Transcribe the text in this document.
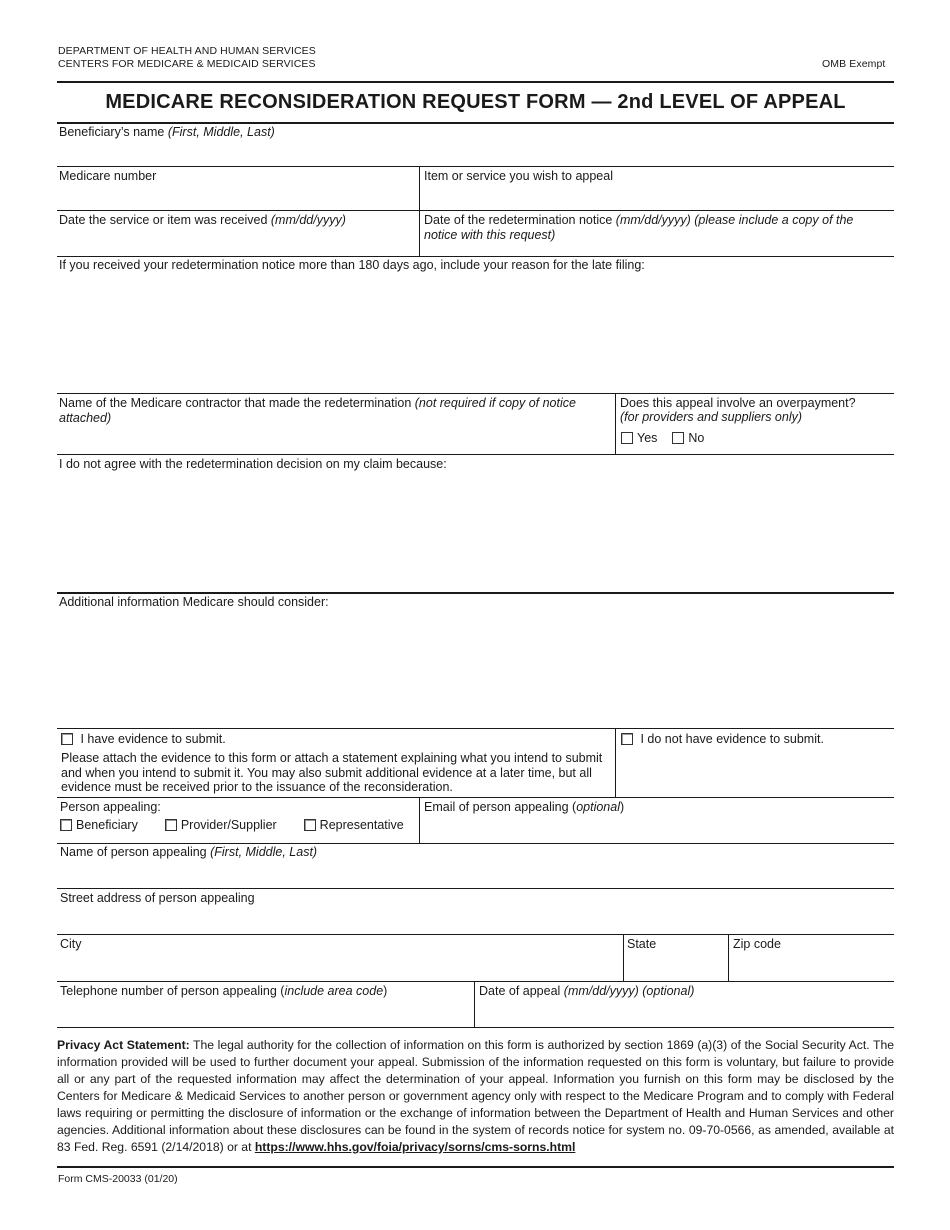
DEPARTMENT OF HEALTH AND HUMAN SERVICES
CENTERS FOR MEDICARE & MEDICAID SERVICES	OMB Exempt
MEDICARE RECONSIDERATION REQUEST FORM — 2nd LEVEL OF APPEAL
Beneficiary’s name (First, Middle, Last)
Medicare number	Item or service you wish to appeal
Date the service or item was received (mm/dd/yyyy)	Date of the redetermination notice (mm/dd/yyyy) (please include a copy of the notice with this request)
If you received your redetermination notice more than 180 days ago, include your reason for the late filing:
Name of the Medicare contractor that made the redetermination (not required if copy of notice attached)
Does this appeal involve an overpayment?
(for providers and suppliers only)
Yes No
I do not agree with the redetermination decision on my claim because:
Additional information Medicare should consider:
I have evidence to submit.
Please attach the evidence to this form or attach a statement explaining what you intend to submit and when you intend to submit it. You may also submit additional evidence at a later time, but all evidence must be received prior to the issuance of the reconsideration.
I do not have evidence to submit.
Person appealing:
Beneficiary	Provider/Supplier	Representative
Email of person appealing (optional)
Name of person appealing (First, Middle, Last)
Street address of person appealing
City	State	Zip code
Telephone number of person appealing (include area code)	Date of appeal (mm/dd/yyyy) (optional)
Privacy Act Statement: The legal authority for the collection of information on this form is authorized by section 1869 (a)(3) of the Social Security Act. The information provided will be used to further document your appeal. Submission of the information requested on this form is voluntary, but failure to provide all or any part of the requested information may affect the determination of your appeal. Information you furnish on this form may be disclosed by the Centers for Medicare & Medicaid Services to another person or government agency only with respect to the Medicare Program and to comply with Federal laws requiring or permitting the disclosure of information or the exchange of information between the Department of Health and Human Services and other agencies. Additional information about these disclosures can be found in the system of records notice for system no. 09-70-0566, as amended, available at 83 Fed. Reg. 6591 (2/14/2018) or at https://www.hhs.gov/foia/privacy/sorns/cms-sorns.html
Form CMS-20033 (01/20)
